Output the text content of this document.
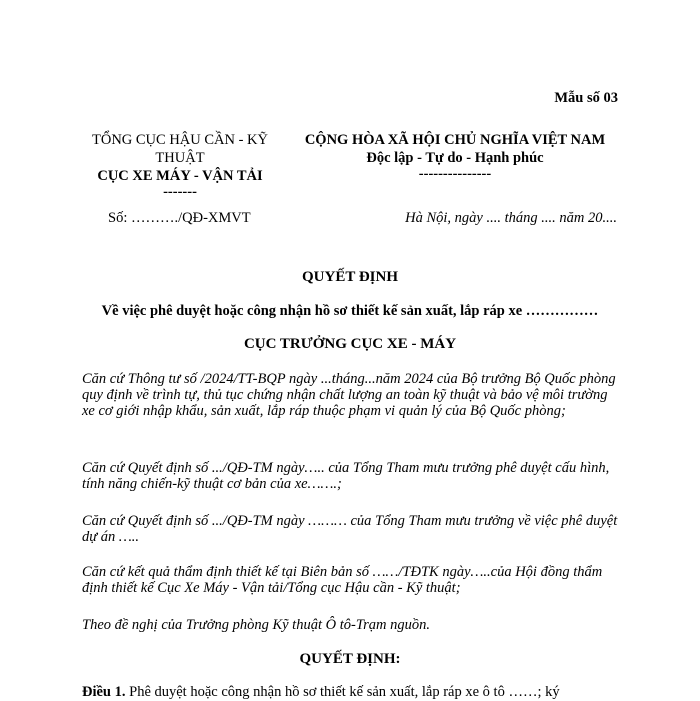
Mẫu số 03
TỔNG CỤC HẬU CẦN - KỸ THUẬT
CỤC XE MÁY - VẬN TẢI
-------
CỘNG HÒA XÃ HỘI CHỦ NGHĨA VIỆT NAM
Độc lập - Tự do - Hạnh phúc
---------------
Số: ………./QĐ-XMVT	Hà Nội, ngày .... tháng .... năm 20....
QUYẾT ĐỊNH
Về việc phê duyệt hoặc công nhận hồ sơ thiết kế sản xuất, lắp ráp xe ……………
CỤC TRƯỞNG CỤC XE - MÁY
Căn cứ Thông tư số /2024/TT-BQP ngày ...tháng...năm 2024 của Bộ trưởng Bộ Quốc phòng quy định về trình tự, thủ tục chứng nhận chất lượng an toàn kỹ thuật và bảo vệ môi trường xe cơ giới nhập khẩu, sản xuất, lắp ráp thuộc phạm vi quản lý của Bộ Quốc phòng;
Căn cứ Quyết định số .../QĐ-TM ngày….. của Tổng Tham mưu trưởng phê duyệt cấu hình, tính năng chiến-kỹ thuật cơ bản của xe…….;
Căn cứ Quyết định số .../QĐ-TM ngày ……… của Tổng Tham mưu trưởng về việc phê duyệt dự án …..
Căn cứ kết quả thẩm định thiết kế tại Biên bản số ……/TĐTK ngày…..của Hội đồng thẩm định thiết kế Cục Xe Máy - Vận tải/Tổng cục Hậu cần - Kỹ thuật;
Theo đề nghị của Trưởng phòng Kỹ thuật Ô tô-Trạm nguồn.
QUYẾT ĐỊNH:
Điều 1. Phê duyệt hoặc công nhận hồ sơ thiết kế sản xuất, lắp ráp xe ô tô ……; ký
